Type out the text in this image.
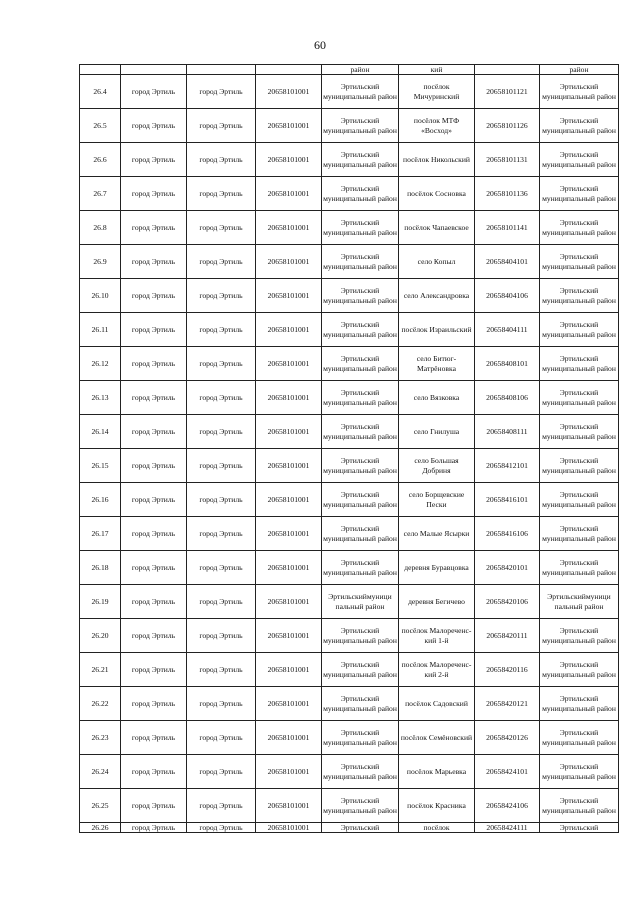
60
				район	кий		район
26.4	город Эртиль	город Эртиль	20658101001	Эртильский муниципальный район	посёлок Мичуринский	20658101121	Эртильский муниципальный район
26.5	город Эртиль	город Эртиль	20658101001	Эртильский муниципальный район	посёлок МТФ «Восход»	20658101126	Эртильский муниципальный район
26.6	город Эртиль	город Эртиль	20658101001	Эртильский муниципальный район	посёлок Никольский	20658101131	Эртильский муниципальный район
26.7	город Эртиль	город Эртиль	20658101001	Эртильский муниципальный район	посёлок Сосновка	20658101136	Эртильский муниципальный район
26.8	город Эртиль	город Эртиль	20658101001	Эртильский муниципальный район	посёлок Чапаевское	20658101141	Эртильский муниципальный район
26.9	город Эртиль	город Эртиль	20658101001	Эртильский муниципальный район	село Копыл	20658404101	Эртильский муниципальный район
26.10	город Эртиль	город Эртиль	20658101001	Эртильский муниципальный район	село Александровка	20658404106	Эртильский муниципальный район
26.11	город Эртиль	город Эртиль	20658101001	Эртильский муниципальный район	посёлок Израильский	20658404111	Эртильский муниципальный район
26.12	город Эртиль	город Эртиль	20658101001	Эртильский муниципальный район	село Битюг-Матрёновка	20658408101	Эртильский муниципальный район
26.13	город Эртиль	город Эртиль	20658101001	Эртильский муниципальный район	село Вязковка	20658408106	Эртильский муниципальный район
26.14	город Эртиль	город Эртиль	20658101001	Эртильский муниципальный район	село Гнилуша	20658408111	Эртильский муниципальный район
26.15	город Эртиль	город Эртиль	20658101001	Эртильский муниципальный район	село Большая Добриня	20658412101	Эртильский муниципальный район
26.16	город Эртиль	город Эртиль	20658101001	Эртильский муниципальный район	село Борщевские Пески	20658416101	Эртильский муниципальный район
26.17	город Эртиль	город Эртиль	20658101001	Эртильский муниципальный район	село Малые Ясырки	20658416106	Эртильский муниципальный район
26.18	город Эртиль	город Эртиль	20658101001	Эртильский муниципальный район	деревня Буравцовка	20658420101	Эртильский муниципальный район
26.19	город Эртиль	город Эртиль	20658101001	Эртильскиймуници пальный район	деревня Бегичево	20658420106	Эртильскиймуници пальный район
26.20	город Эртиль	город Эртиль	20658101001	Эртильский муниципальный район	посёлок Малореченс-кий 1-й	20658420111	Эртильский муниципальный район
26.21	город Эртиль	город Эртиль	20658101001	Эртильский муниципальный район	посёлок Малореченс-кий 2-й	20658420116	Эртильский муниципальный район
26.22	город Эртиль	город Эртиль	20658101001	Эртильский муниципальный район	посёлок Садовский	20658420121	Эртильский муниципальный район
26.23	город Эртиль	город Эртиль	20658101001	Эртильский муниципальный район	посёлок Семёновский	20658420126	Эртильский муниципальный район
26.24	город Эртиль	город Эртиль	20658101001	Эртильский муниципальный район	посёлок Марьевка	20658424101	Эртильский муниципальный район
26.25	город Эртиль	город Эртиль	20658101001	Эртильский муниципальный район	посёлок Красника	20658424106	Эртильский муниципальный район
26.26	город Эртиль	город Эртиль	20658101001	Эртильский	посёлок	20658424111	Эртильский
